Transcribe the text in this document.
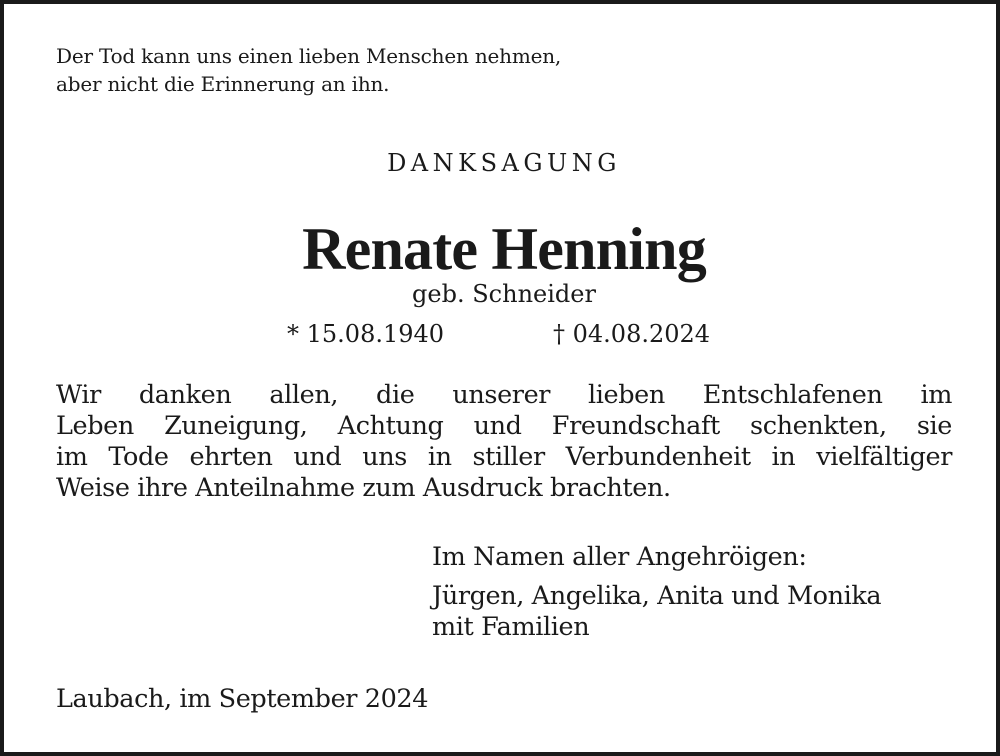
Der Tod kann uns einen lieben Menschen nehmen,
aber nicht die Erinnerung an ihn.
DANKSAGUNG
Renate Henning
geb. Schneider
* 15.08.1940	† 04.08.2024
Wir danken allen, die unserer lieben Entschlafenen im
Leben Zuneigung, Achtung und Freundschaft schenkten, sie
im Tode ehrten und uns in stiller Verbundenheit in vielfältiger
Weise ihre Anteilnahme zum Ausdruck brachten.
Im Namen aller Angehröigen:
Jürgen, Angelika, Anita und Monika
mit Familien
Laubach, im September 2024
